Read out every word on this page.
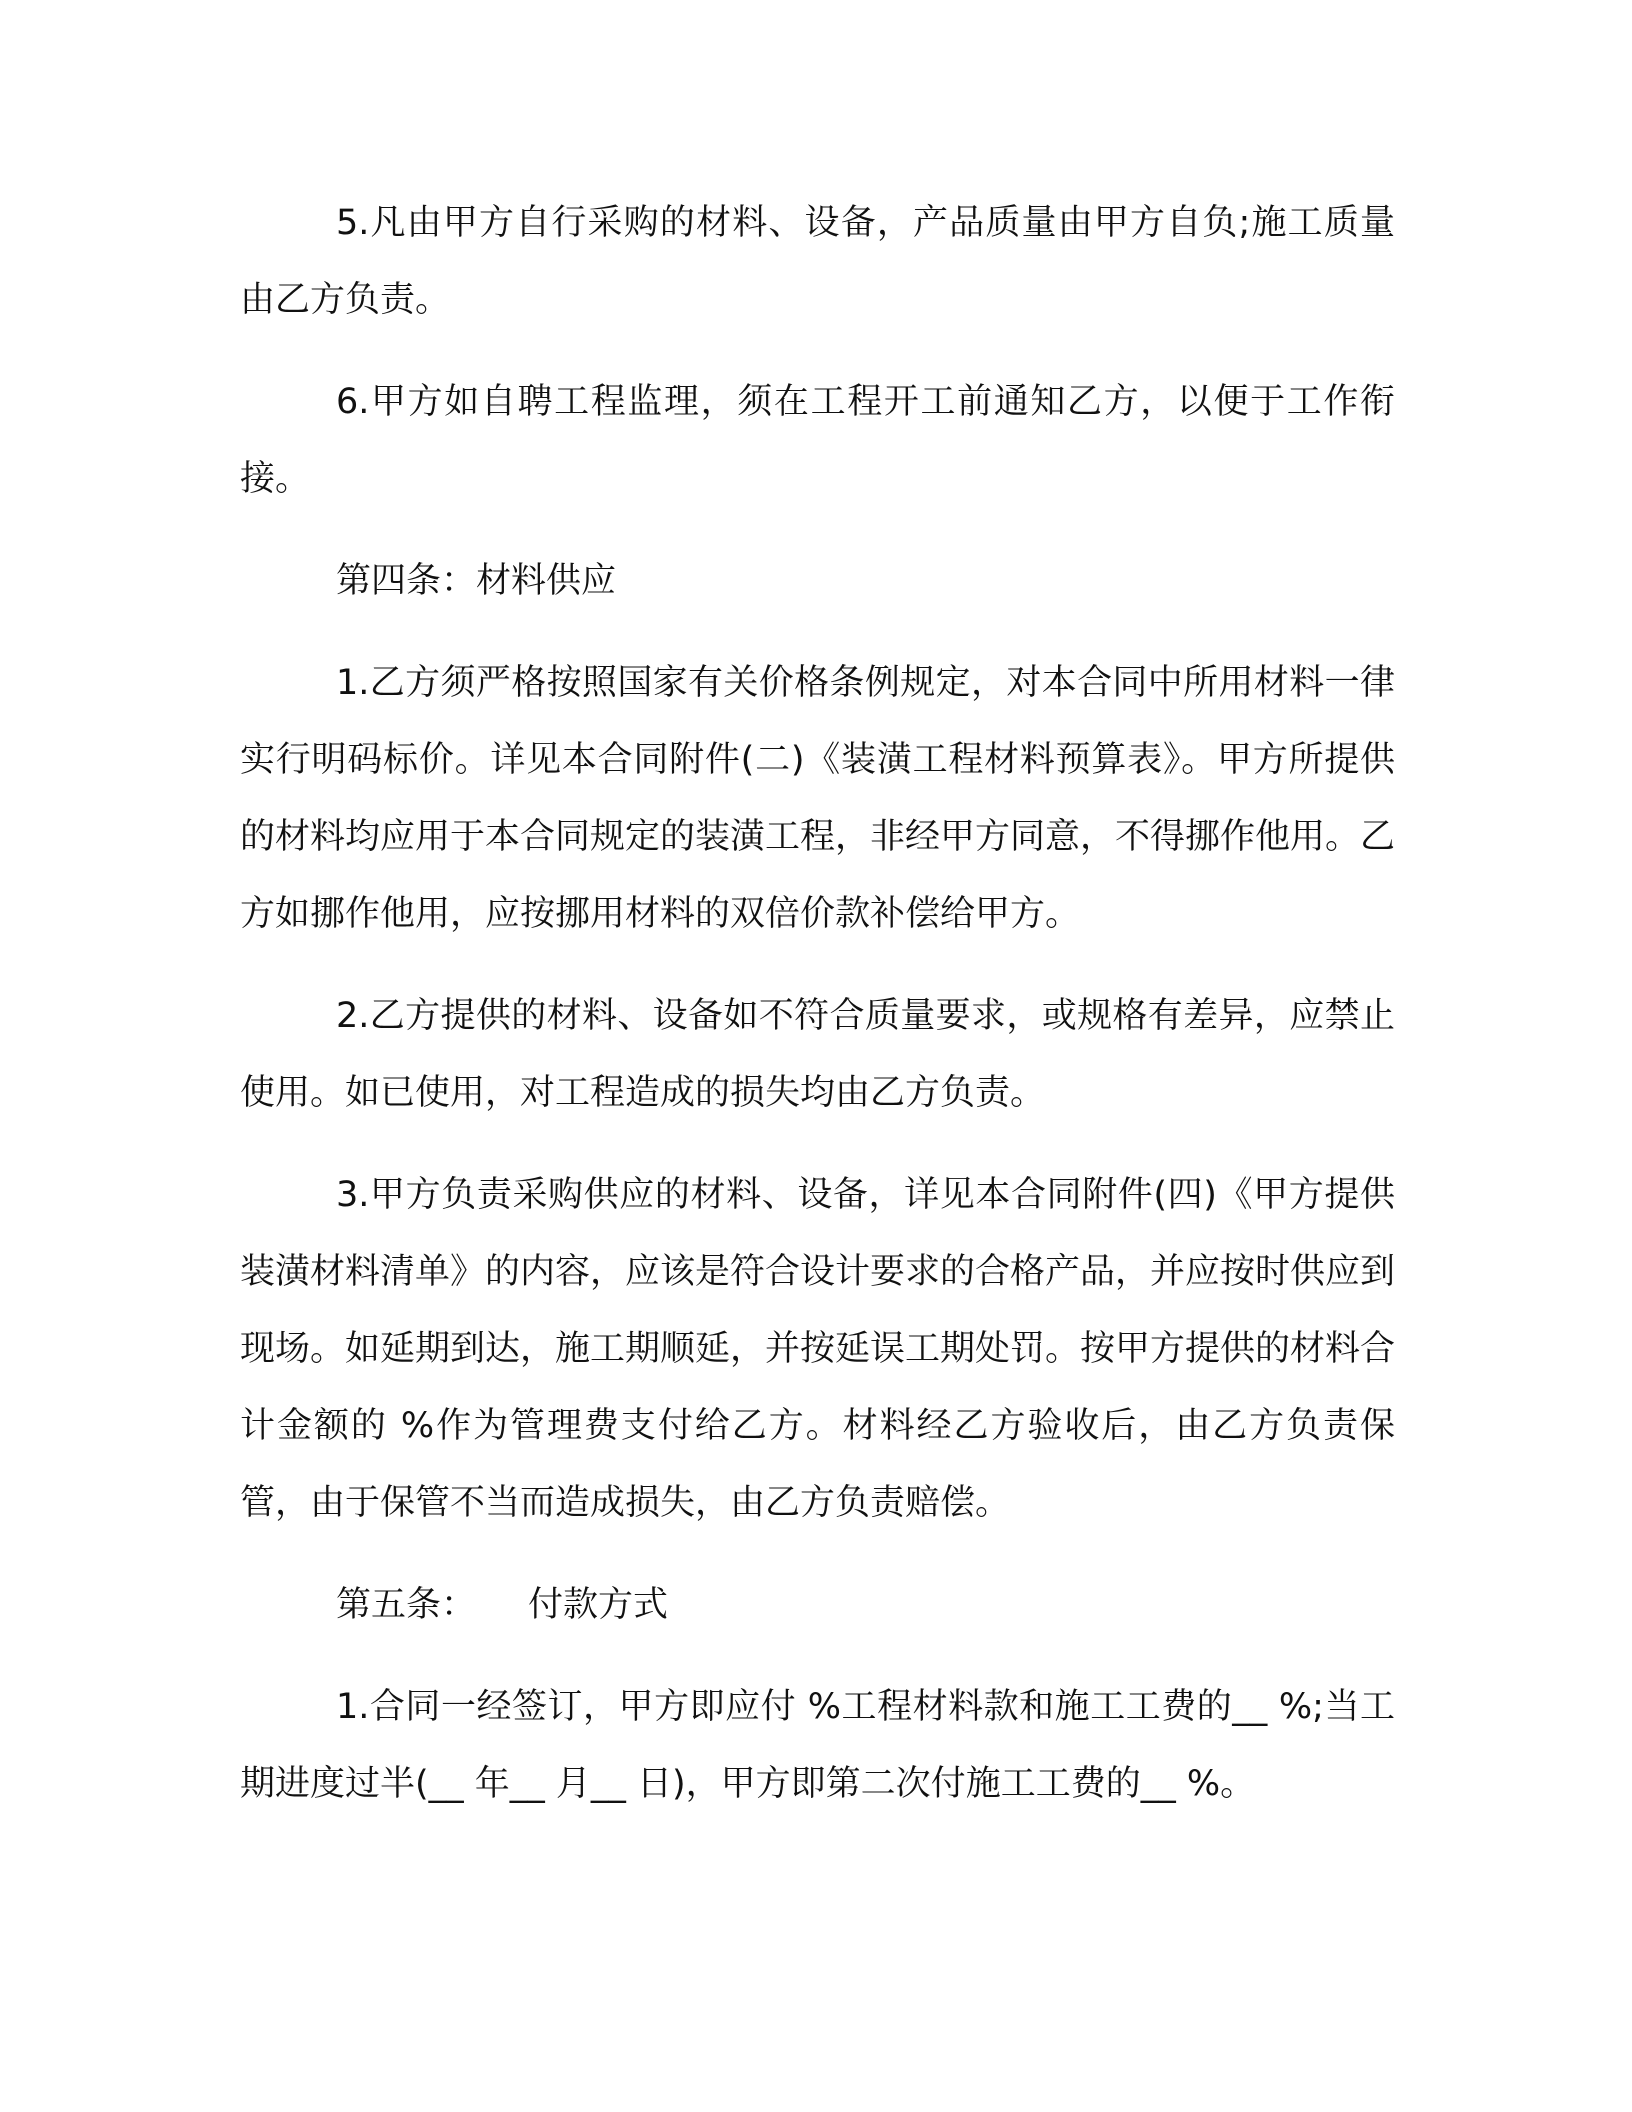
5.凡由甲方自行采购的材料、设备，产品质量由甲方自负;施工质量由乙方负责。

6.甲方如自聘工程监理，须在工程开工前通知乙方，以便于工作衔接。

第四条：材料供应

1.乙方须严格按照国家有关价格条例规定，对本合同中所用材料一律实行明码标价。详见本合同附件(二)《装潢工程材料预算表》。甲方所提供的材料均应用于本合同规定的装潢工程，非经甲方同意，不得挪作他用。乙方如挪作他用，应按挪用材料的双倍价款补偿给甲方。

2.乙方提供的材料、设备如不符合质量要求，或规格有差异，应禁止使用。如已使用，对工程造成的损失均由乙方负责。

3.甲方负责采购供应的材料、设备，详见本合同附件(四)《甲方提供装潢材料清单》的内容，应该是符合设计要求的合格产品，并应按时供应到现场。如延期到达，施工期顺延，并按延误工期处罚。按甲方提供的材料合计金额的 %作为管理费支付给乙方。材料经乙方验收后，由乙方负责保管，由于保管不当而造成损失，由乙方负责赔偿。

第五条： 付款方式

1.合同一经签订，甲方即应付 %工程材料款和施工工费的__ %;当工期进度过半(__ 年__ 月__ 日)，甲方即第二次付施工工费的__ %。
